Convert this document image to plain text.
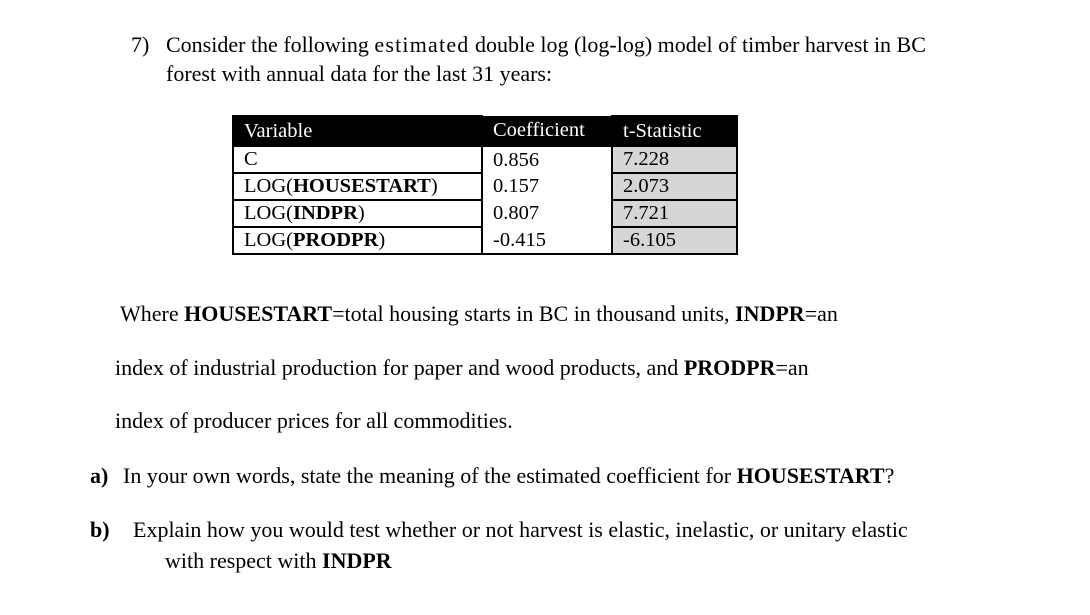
7) Consider the following estimated double log (log-log) model of timber harvest in BC
forest with annual data for the last 31 years:
Variable	Coefficient	t-Statistic
C	0.856	7.228
LOG(HOUSESTART)	0.157	2.073
LOG(INDPR)	0.807	7.721
LOG(PRODPR)	-0.415	-6.105
Where HOUSESTART=total housing starts in BC in thousand units, INDPR=an
index of industrial production for paper and wood products, and PRODPR=an
index of producer prices for all commodities.
a) In your own words, state the meaning of the estimated coefficient for HOUSESTART?
b) Explain how you would test whether or not harvest is elastic, inelastic, or unitary elastic
with respect with INDPR
